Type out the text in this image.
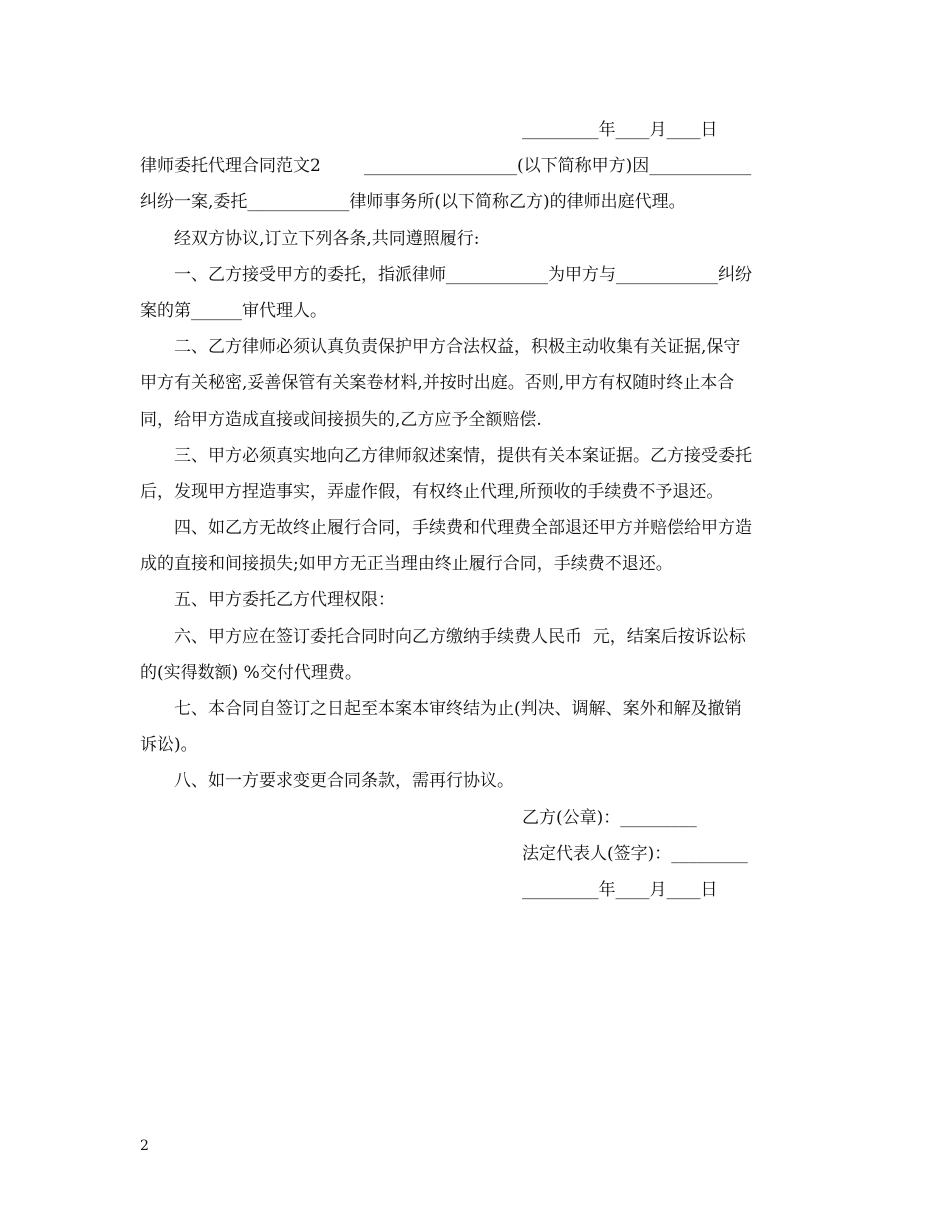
_________年____月____日

律师委托代理合同范文2        __________________(以下简称甲方)因____________
纠纷一案,委托____________律师事务所(以下简称乙方)的律师出庭代理。
经双方协议,订立下列各条,共同遵照履行:
一、乙方接受甲方的委托，指派律师____________为甲方与____________纠纷
案的第______审代理人。
二、乙方律师必须认真负责保护甲方合法权益，积极主动收集有关证据,保守
甲方有关秘密,妥善保管有关案卷材料,并按时出庭。否则,甲方有权随时终止本合
同，给甲方造成直接或间接损失的,乙方应予全额赔偿.
三、甲方必须真实地向乙方律师叙述案情，提供有关本案证据。乙方接受委托
后，发现甲方捏造事实，弄虚作假，有权终止代理,所预收的手续费不予退还。
四、如乙方无故终止履行合同，手续费和代理费全部退还甲方并赔偿给甲方造
成的直接和间接损失;如甲方无正当理由终止履行合同，手续费不退还。
五、甲方委托乙方代理权限：
六、甲方应在签订委托合同时向乙方缴纳手续费人民币  元，结案后按诉讼标
的(实得数额) %交付代理费。
七、本合同自签订之日起至本案本审终结为止(判决、调解、案外和解及撤销
诉讼)。
八、如一方要求变更合同条款，需再行协议。

乙方(公章)：_________

法定代表人(签字)：_________

_________年____月____日

2
